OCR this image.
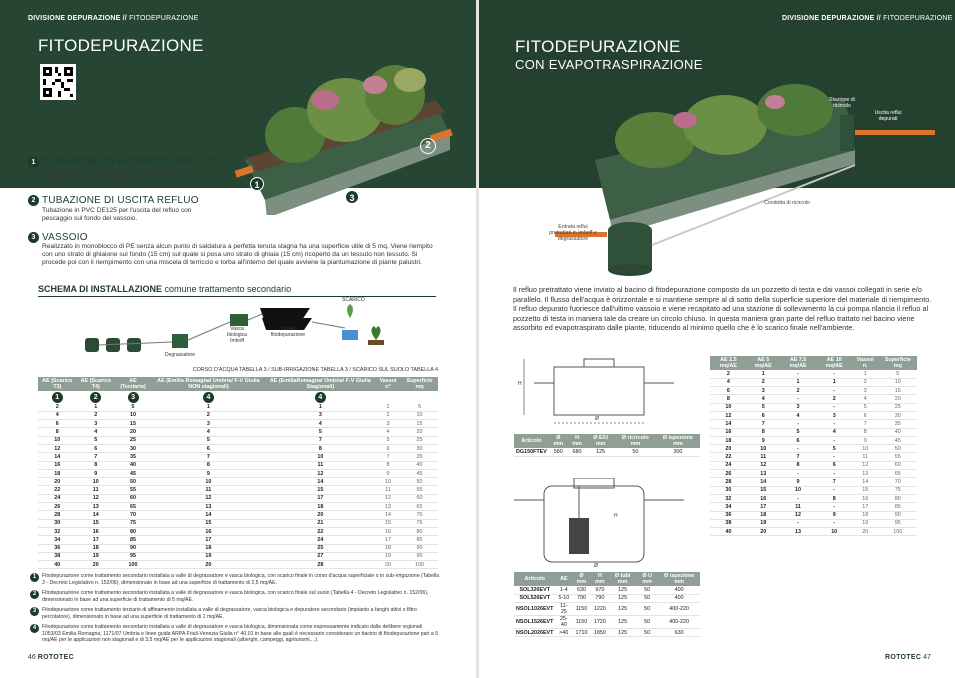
DIVISIONE DEPURAZIONE // FITODEPURAZIONE
FITODEPURAZIONE
1
2
3
1 TUBAZIONE DI INGRESSO REFLUO
Tubazione in PVC DE125 per l'entrata del refluo con l'immissione sul fondo del vassoio.
2 TUBAZIONE DI USCITA REFLUO
Tubazione in PVC DE125 per l'uscita del refluo con pescaggio sul fondo del vassoio.
3 VASSOIO
Realizzato in monoblocco di PE senza alcun punto di saldatura a perfetta tenuta stagna ha una superficie utile di 5 mq. Viene riempito con uno strato di ghiaione sul fondo (15 cm) sul quale si posa uno strato di ghiaia (15 cm) ricoperto da un tessuto non tessuto. Si procede poi con il riempimento con una miscela di terriccio e torba all'interno del quale avviene la piantumazione di piante palustri.
SCHEMA DI INSTALLAZIONE comune trattamento secondario
SCARICO
Vasca biologica Imhoff
Vassoi fitodepurazione
Degrassatore
CORSO D'ACQUA TABELLA 3 / SUB-IRRIGAZIONE TABELLA 3 / SCARICO SUL SUOLO TABELLA 4
AE (Scarico T3)	AE (Scarico T4)	AE (Terziario)	AE (Emilia Romagna/ Umbria/ F-V Giulia NON stagionali)	AE (EmiliaRomagna/ Umbria/ F-V Giulia Stagionali)	Vassoi n°	Superficie mq
1	2	3	4	4		
2	1	5	1	1	1	5
4	2	10	2	3	2	10
6	3	15	3	4	3	15
8	4	20	4	5	4	20
10	5	25	5	7	5	25
12	6	30	6	8	6	30
14	7	35	7	10	7	35
16	8	40	8	11	8	40
18	9	45	9	12	9	45
20	10	50	10	14	10	50
22	11	55	11	15	11	55
24	12	60	12	17	12	60
26	13	65	13	18	13	65
28	14	70	14	20	14	70
30	15	75	15	21	15	75
32	16	80	16	22	16	80
34	17	85	17	24	17	85
36	18	90	18	25	18	90
38	19	95	19	27	19	95
40	20	100	20	28	20	100
1	Fitodepurazione come trattamento secondario installata a valle di degrassatore e vasca biologica, con scarico finale in corso d'acqua superficiale o in sub-irrigazione (Tabella 3 - Decreto Legislativo n. 152/06), dimensionato in base ad una superficie di trattamento di 2,5 mq/AE.

2	Fitodepurazione come trattamento secondario installata a valle di degrassatore e vasca biologica, con scarico finale sul suolo (Tabella 4 - Decreto Legislativo n. 152/06), dimensionato in base ad una superficie di trattamento di 5 mq/AE.

3	Fitodepurazione come trattamento terziario di affinamento installata a valle di degrassatore, vasca biologica e depuratore secondario (impianto a fanghi attivi o filtro percolatore), dimensionato in base ad una superficie di trattamento di 1 mq/AE.

4	Fitodepurazione come trattamento secondario installata a valle di degrassatore e vasca biologica, dimensionata come espressamente indicato dalle delibere regionali 1053/03 Emilia Romagna, 1171/07 Umbria e linee guida ARPA Friuli-Venezia Giulia n° 40.01 in base alle quali è necessario considerare un bacino di fitodepurazione pari a 5 mq/AE per le applicazioni non stagionali e di 3,5 mq/AE per le applicazioni stagionali (alberghi, campeggi, agriturismi,...).

46 ROTOTEC
DIVISIONE DEPURAZIONE // FITODEPURAZIONE
FITODEPURAZIONE
CON EVAPOTRASPIRAZIONE
Stazione di ricircolo
Uscita reflui depurati
Condotta di ricircolo
Entrata reflui pretrattati in Imhoff e degrassatore
Pozzetto di testa
Il refluo pretrattato viene inviato al bacino di fitodepurazione composto da un pozzetto di testa e dai vassoi collegati in serie e/o parallelo. Il flusso dell'acqua è orizzontale e si mantiene sempre al di sotto della superficie superiore del materiale di riempimento. Il refluo depurato fuoriesce dall'ultimo vassoio e viene recapitato ad una stazione di sollevamento la cui pompa rilancia il refluo al pozzetto di testa in maniera tale da creare un circolo chiuso. In questa maniera gran parte del refluo trattato nel bacino viene assorbito ed evapotraspirato dalle piante, riducendo al minimo quello che è lo scarico finale nell'ambiente.
H
Ø
Articolo	Ø mm	H mm	Ø E/U mm	Ø ricircolo mm	Ø ispezione mm
DG150FTEV	580	680	125	50	300
H
Ø
Articolo	AE	Ø mm	H mm	Ø tubi mm	Ø U mm	Ø ispezione mm
SOL326EVT	1-4	630	970	125	50	400
SOL526EVT	5-10	790	790	125	50	400
NSOL1026EVT	11-25	1150	1220	125	50	400-220
NSOL1526EVT	25-40	1150	1720	125	50	400-220
NSOL2026EVT	>40	1710	1850	125	50	630
AE 2,5 mq/AE	AE 5 mq/AE	AE 7,5 mq/AE	AE 10 mq/AE	Vassoi n.	Superficie mq
2	1	-	-	1	5
4	2	1	1	2	10
6	3	2	-	3	15
8	4	-	2	4	20
10	5	3	-	5	25
12	6	4	3	6	30
14	7	-	-	7	35
16	8	5	4	8	40
18	9	6	-	9	45
20	10	-	5	10	50
22	11	7	-	11	55
24	12	8	6	12	60
26	13	-	-	13	65
28	14	9	7	14	70
30	15	10	-	15	75
32	16	-	8	16	80
34	17	11	-	17	85
36	18	12	9	18	90
38	19	-	-	19	95
40	20	13	10	20	100
ROTOTEC 47
